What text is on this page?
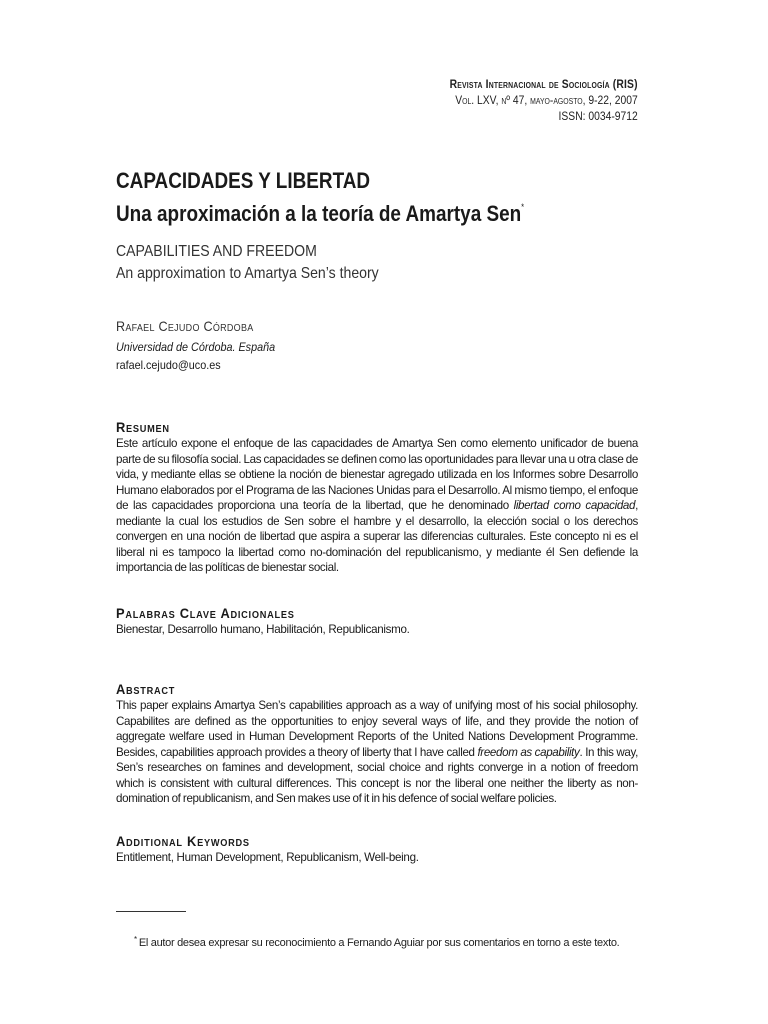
Revista Internacional de Sociología (RIS)
Vol. LXV, nº 47, mayo-agosto, 9-22, 2007
ISSN: 0034-9712
CAPACIDADES Y LIBERTAD
Una aproximación a la teoría de Amartya Sen*
CAPABILITIES AND FREEDOM
An approximation to Amartya Sen’s theory
Rafael Cejudo Córdoba
Universidad de Córdoba. España
rafael.cejudo@uco.es
Resumen
Este artículo expone el enfoque de las capacidades de Amartya Sen como elemento unificador de buena parte de su filosofía social. Las capacidades se definen como las oportunidades para llevar una u otra clase de vida, y mediante ellas se obtiene la noción de bienestar agregado utilizada en los Informes sobre Desarrollo Humano elaborados por el Programa de las Naciones Unidas para el Desarrollo. Al mismo tiempo, el enfoque de las capacidades proporciona una teoría de la libertad, que he denominado libertad como capacidad, mediante la cual los estudios de Sen sobre el hambre y el desarrollo, la elección social o los derechos convergen en una noción de libertad que aspira a superar las diferencias culturales. Este concepto ni es el liberal ni es tampoco la libertad como no-dominación del republicanismo, y mediante él Sen defiende la importancia de las políticas de bienestar social.
Palabras Clave Adicionales
Bienestar, Desarrollo humano, Habilitación, Republicanismo.
Abstract
This paper explains Amartya Sen’s capabilities approach as a way of unifying most of his social philosophy. Capabilites are defined as the opportunities to enjoy several ways of life, and they provide the notion of aggregate welfare used in Human Development Reports of the United Nations Development Programme. Besides, capabilities approach provides a theory of liberty that I have called freedom as capability. In this way, Sen’s researches on famines and development, social choice and rights converge in a notion of freedom which is consistent with cultural differences. This concept is nor the liberal one neither the liberty as non-domination of republicanism, and Sen makes use of it in his defence of social welfare policies.
Additional Keywords
Entitlement, Human Development, Republicanism, Well-being.
* El autor desea expresar su reconocimiento a Fernando Aguiar por sus comentarios en torno a este texto.
